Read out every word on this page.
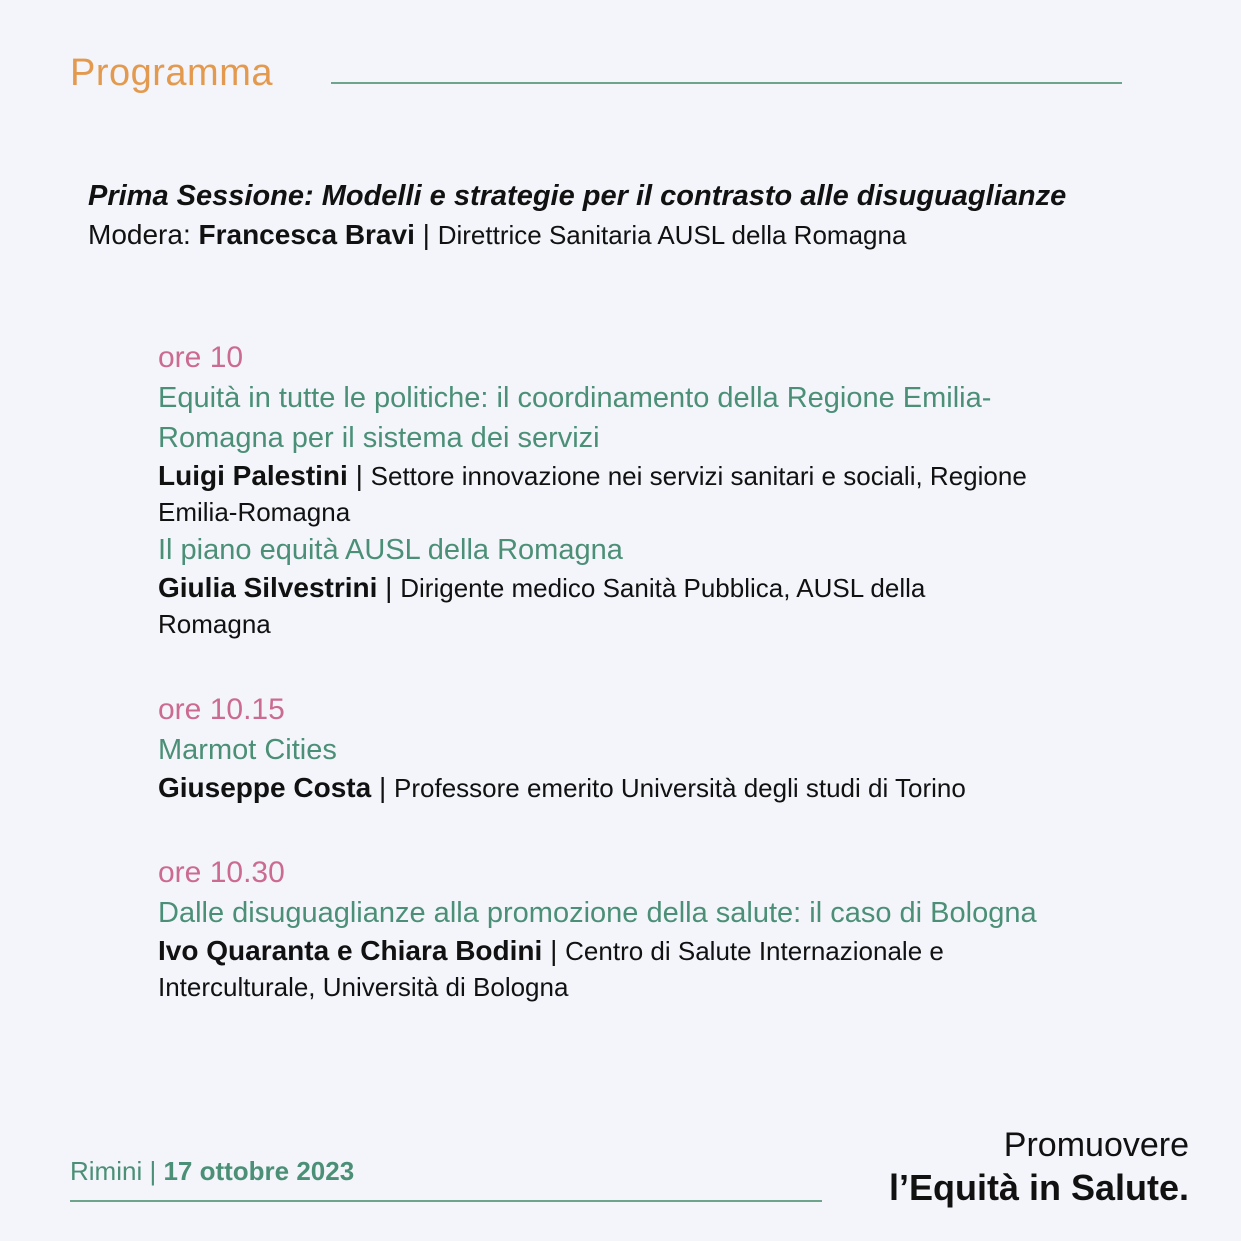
Programma
Prima Sessione: Modelli e strategie per il contrasto alle disuguaglianze
Modera: Francesca Bravi | Direttrice Sanitaria AUSL della Romagna
ore 10
Equità in tutte le politiche: il coordinamento della Regione Emilia-Romagna per il sistema dei servizi
Luigi Palestini | Settore innovazione nei servizi sanitari e sociali, Regione Emilia-Romagna
Il piano equità AUSL della Romagna
Giulia Silvestrini | Dirigente medico Sanità Pubblica, AUSL della Romagna
ore 10.15
Marmot Cities
Giuseppe Costa | Professore emerito Università degli studi di Torino
ore 10.30
Dalle disuguaglianze alla promozione della salute: il caso di Bologna
Ivo Quaranta e Chiara Bodini | Centro di Salute Internazionale e Interculturale, Università di Bologna
Rimini | 17 ottobre 2023
Promuovere
l’Equità in Salute.
